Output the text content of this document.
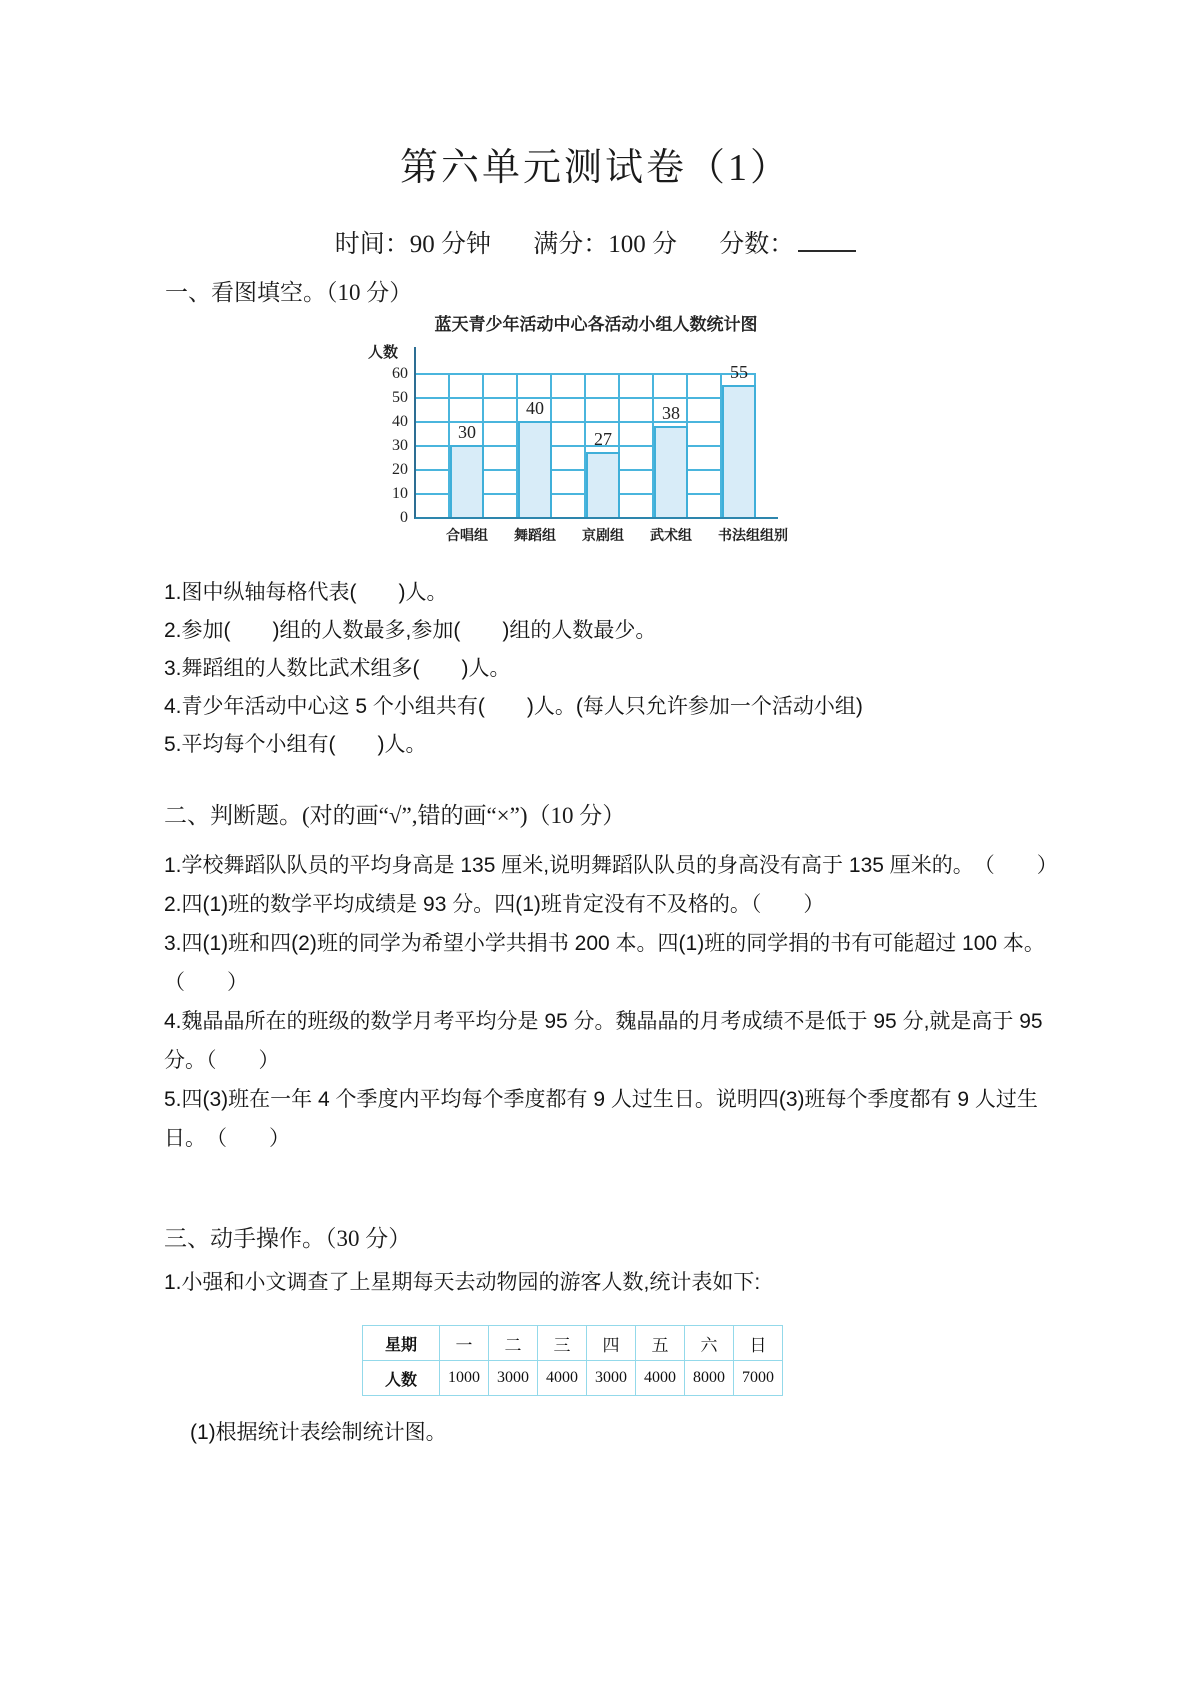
第六单元测试卷（1）
时间：90 分钟 满分：100 分 分数：
一、看图填空。（10 分）
蓝天青少年活动中心各活动小组人数统计图
人数
组别
30
合唱组
40
舞蹈组
27
京剧组
38
武术组
55
书法组
0
10
20
30
40
50
60
1.图中纵轴每格代表(　　)人。
2.参加(　　)组的人数最多,参加(　　)组的人数最少。
3.舞蹈组的人数比武术组多(　　)人。
4.青少年活动中心这 5 个小组共有(　　)人。(每人只允许参加一个活动小组)
5.平均每个小组有(　　)人。
二、判断题。(对的画“√”,错的画“×”)（10 分）
1.学校舞蹈队队员的平均身高是 135 厘米,说明舞蹈队队员的身高没有高于 135 厘米的。　（　　）
2.四(1)班的数学平均成绩是 93 分。四(1)班肯定没有不及格的。（　　）
3.四(1)班和四(2)班的同学为希望小学共捐书 200 本。四(1)班的同学捐的书有可能超过 100 本。　（　　）
4.魏晶晶所在的班级的数学月考平均分是 95 分。魏晶晶的月考成绩不是低于 95 分,就是高于 95 分。（　　）
5.四(3)班在一年 4 个季度内平均每个季度都有 9 人过生日。说明四(3)班每个季度都有 9 人过生日。　（　　）
三、动手操作。（30 分）
1.小强和小文调查了上星期每天去动物园的游客人数,统计表如下:
星期	一	二	三	四	五	六	日
人数	1000	3000	4000	3000	4000	8000	7000
(1)根据统计表绘制统计图。
